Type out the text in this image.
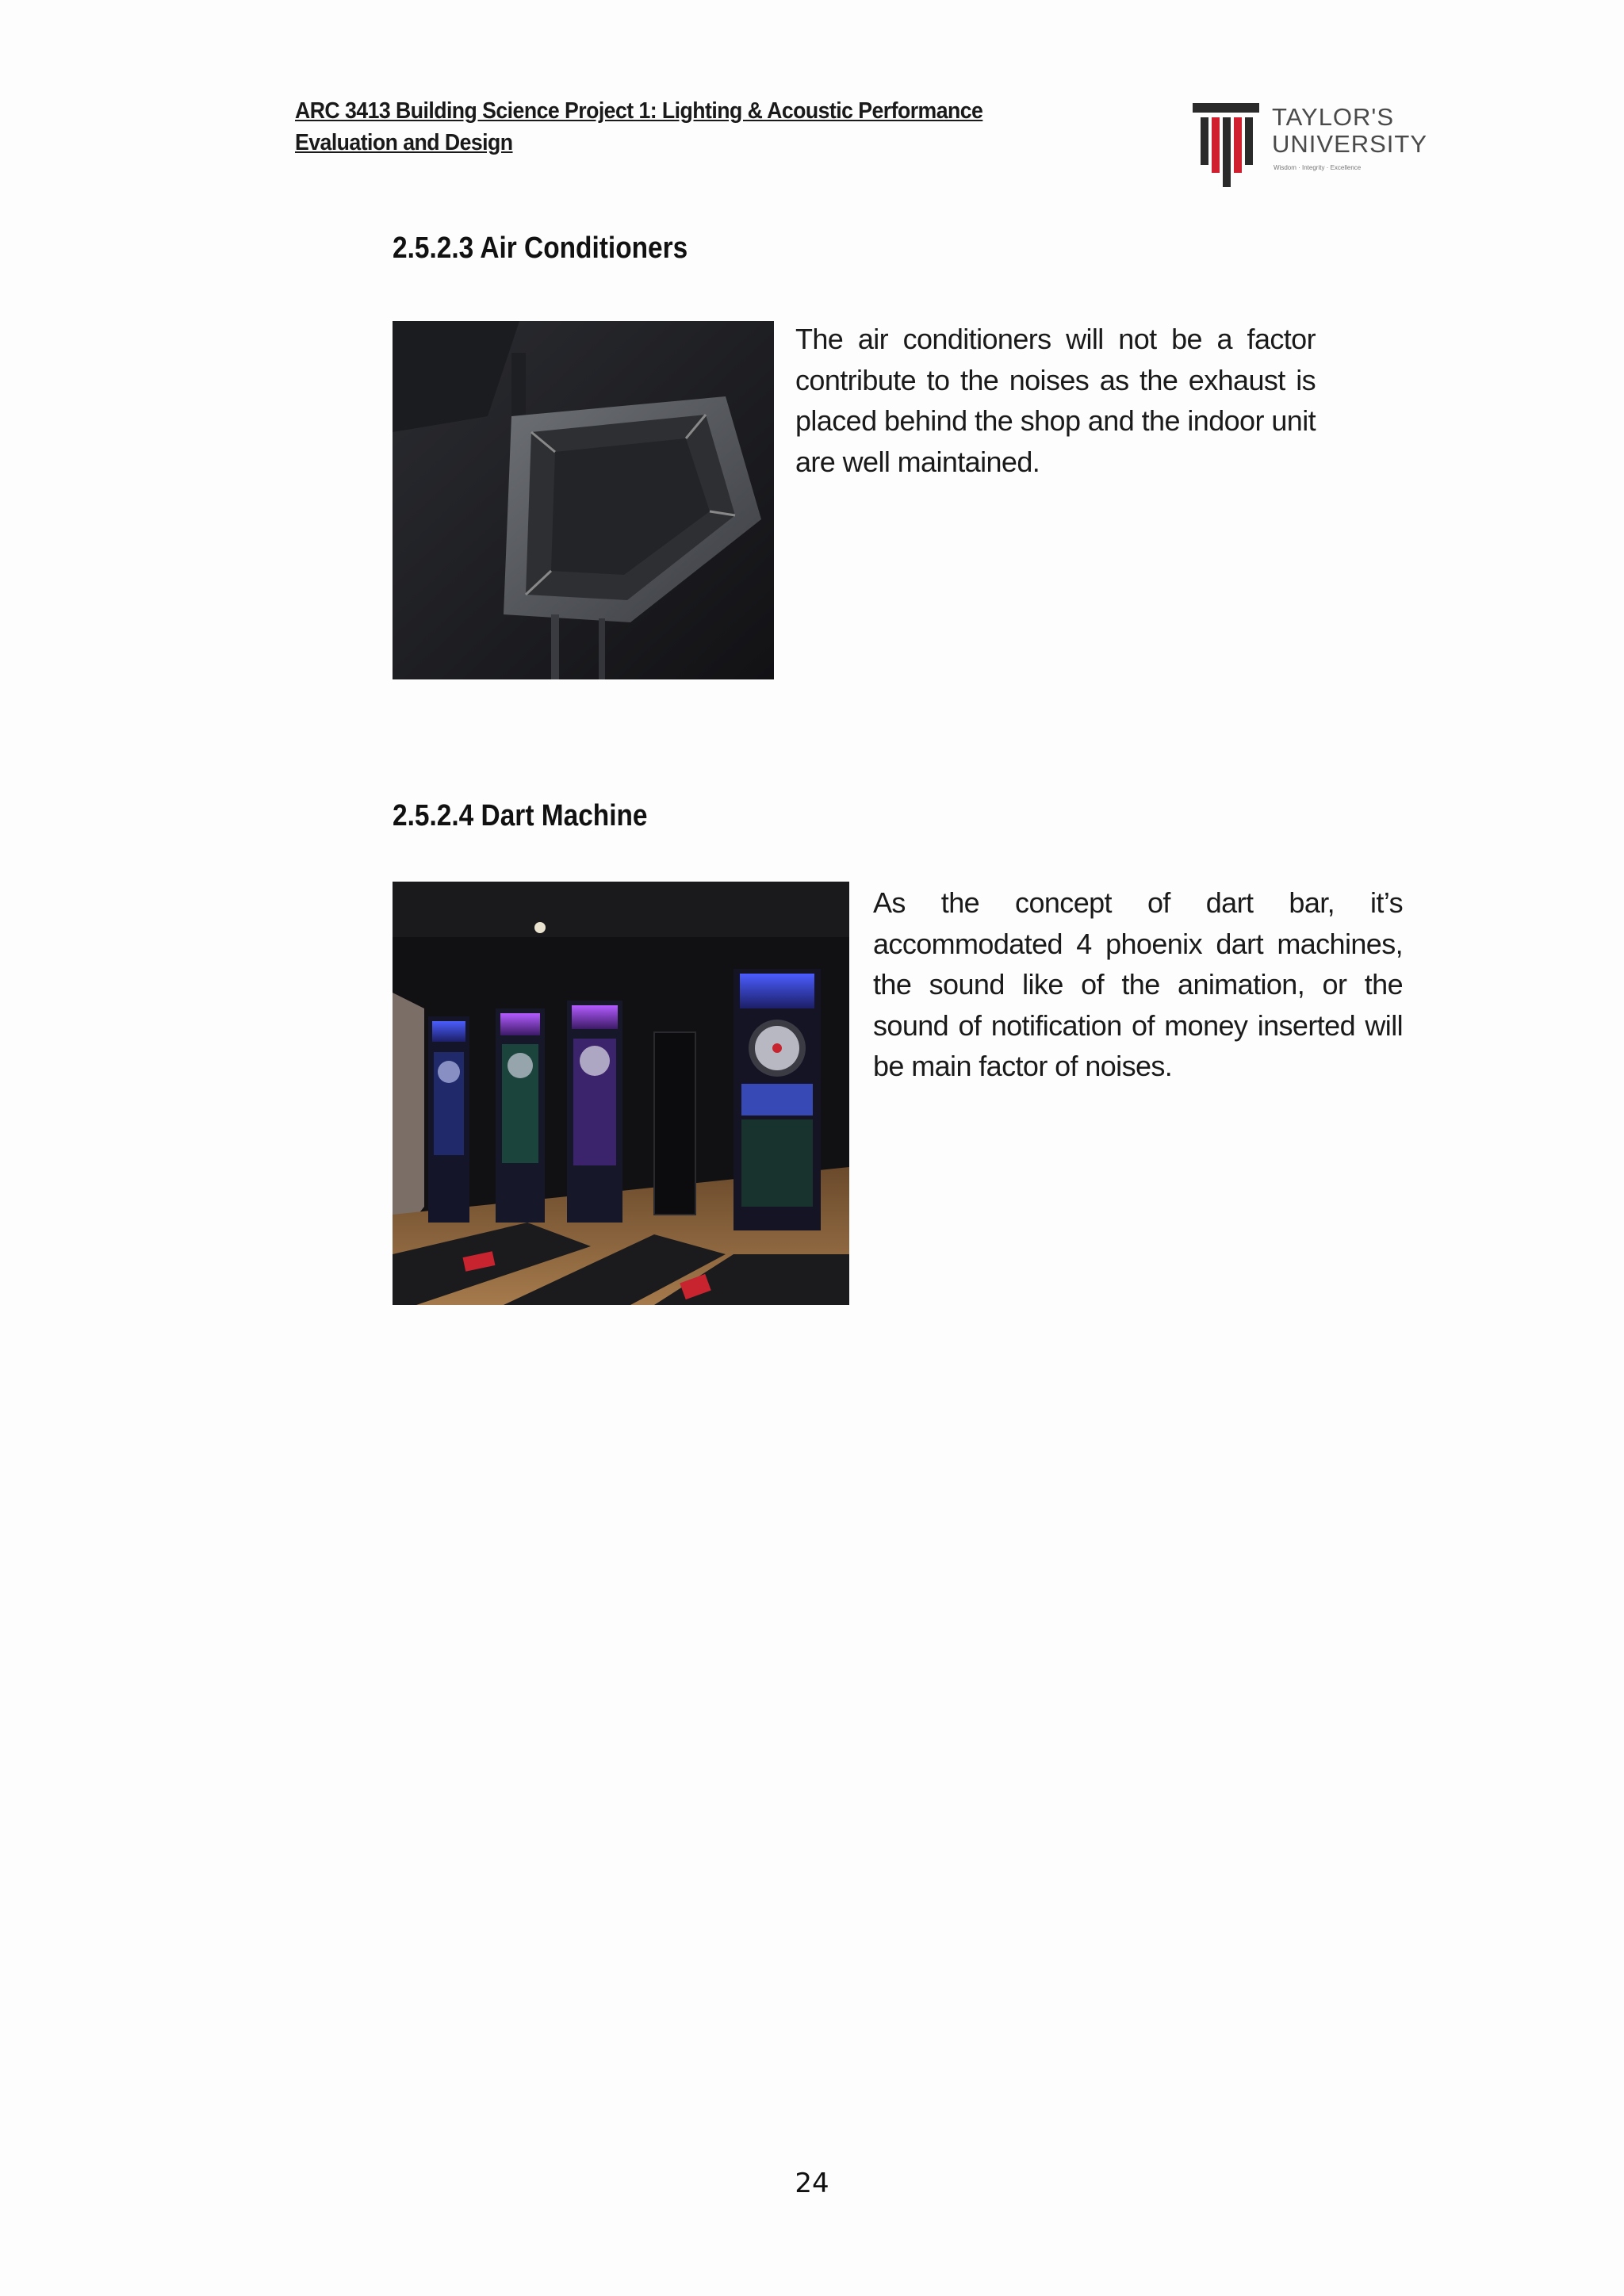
ARC 3413 Building Science Project 1: Lighting & Acoustic Performance
Evaluation and Design
TAYLOR'S
UNIVERSITY
Wisdom · Integrity · Excellence
2.5.2.3 Air Conditioners
The air conditioners will not be a factor contribute to the noises as the exhaust is placed behind the shop and the indoor unit are well maintained.
2.5.2.4 Dart Machine
As the concept of dart bar, it’s accommodated 4 phoenix dart machines, the sound like of the animation, or the sound of notification of money inserted will be main factor of noises.
24
